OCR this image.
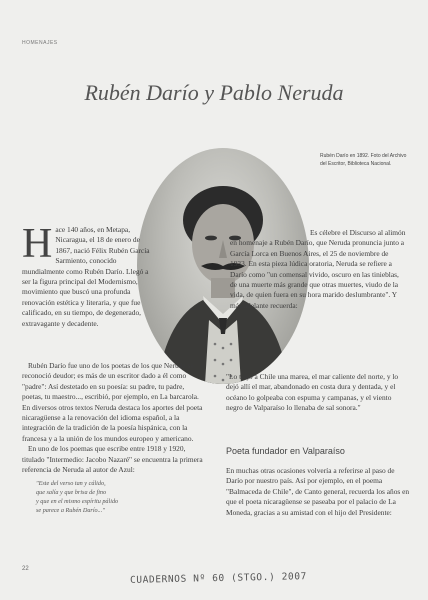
HOMENAJES
Rubén Darío y Pablo Neruda
Rubén Darío en 1892. Foto del Archivo del Escritor, Biblioteca Nacional.
H ace 140 años, en Metapa, Nicaragua, el 18 de enero de 1867, nació Félix Rubén García Sarmiento, conocido mundialmente como Rubén Darío. Llegó a ser la figura principal del Modernismo, movimiento que buscó una profunda renovación estética y literaria, y que fue calificado, en su tiempo, de degenerado, extravagante y decadente.

Rubén Darío fue uno de los poetas de los que Neruda se reconoció deudor; es más de un escritor dado a él como "padre": Así destetado en su poesía: su padre, tu padre, poetas, tu maestro..., escribió, por ejemplo, en La barcarola. En diversos otros textos Neruda destaca los aportes del poeta nicaragüense a la renovación del idioma español, a la integración de la tradición de la poesía hispánica, con la francesa y a la unión de los mundos europeo y americano.

En uno de los poemas que escribe entre 1918 y 1920, titulado "Intermedio: Jacobo Nazaré" se encuentra la primera referencia de Neruda al autor de Azul:

"Este del verso tan y cálido,
que salía y que brisa de fino
y que en el mismo espíritu pálido
se parece a Rubén Darío..."

Es célebre el Discurso al alimón en homenaje a Rubén Darío, que Neruda pronuncia junto a García Lorca en Buenos Aires, el 25 de noviembre de 1933. En esta pieza lúdica oratoria, Neruda se refiere a Darío como "un comensal vivido, oscuro en las tinieblas, de una muerte más grande que otras muertes, viudo de la vida, de quien fuera en su hora marido deslumbrante". Y más adelante recuerda:

"Lo trajo a Chile una marea, el mar caliente del norte, y lo dejó allí el mar, abandonado en costa dura y dentada, y el océano lo golpeaba con espuma y campanas, y el viento negro de Valparaíso lo llenaba de sal sonora."
Poeta fundador en Valparaíso
En muchas otras ocasiones volvería a referirse al paso de Darío por nuestro país. Así por ejemplo, en el poema "Balmaceda de Chile", de Canto general, recuerda los años en que el poeta nicaragüense se paseaba por el palacio de La Moneda, gracias a su amistad con el hijo del Presidente:
22
CUADERNOS Nº 60 (STGO.) 2007
